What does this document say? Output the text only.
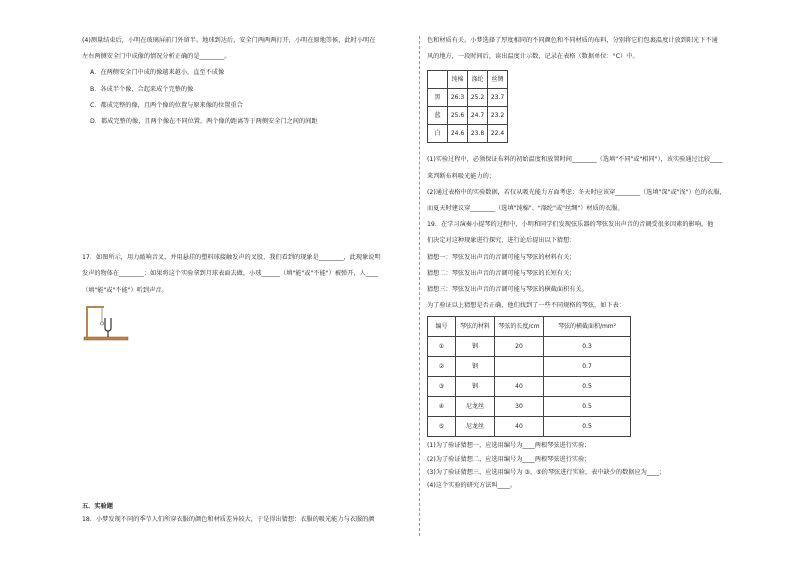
(4)测量结束后，小明在玻璃屏前门外留半。地球到达后，安全门两两两打开，小明在原地等候，此时小明在
左右两侧安全门中成像的情况分析正确的是________。
A．在两侧安全门中成的像越来越小，直至不成像
B．各成半个像，合起来成个完整的像
C．都成完整的像，且两个像的位置与原来像的位置重合
D．都成完整的像，且两个像在不同位置，两个像的距离等于两侧安全门之间的间距
17．如图所示，用力敲响音叉，并用悬挂的塑料球接触发声的叉股，我们看到的现象是________，此现象说明
发声的物体在________；如果将这个实验拿到月球表面去做，小球______（填"能"或"不能"）被弹开，人____
（填"能"或"不能"）听到声音。
五．实验题
18．小梦发现不同的季节人们所穿衣服的颜色和材质差异较大，于是得出猜想：衣服的吸光能力与衣服的颜
色和材质有关。小梦选择了厚度相同的不同颜色和不同材质的布料，分别将它们包裹温度计放到阳光下不通
风的地方，一段时间后，读出温度计示数，记录在表格（数据单位：°C）中。
	纯棉	涤纶	丝绸
黑	26.3	25.2	23.7
蓝	25.6	24.7	23.2
白	24.6	23.8	22.4
(1)实验过程中，必须保证布料的初始温度和放置时间________（选填"不同"或"相同"），该实验通过比较____
来判断布料吸光能力的；
(2)通过表格中的实验数据，若仅从吸光能力方面考虑：冬天时应该穿________（选填"深"或"浅"）色的衣服，
而夏天时建议穿________（选填"纯棉"、"涤纶"或"丝绸"）材质的衣服。
19．在学习演奏小提琴的过程中，小明和同学们发现弦乐器的琴弦发出声音的音调受很多因素的影响。他
们决定对这种现象进行探究，进行论后提出以下猜想：
猜想一：琴弦发出声音的音调可能与琴弦的材料有关；
猜想二：琴弦发出声音的音调可能与琴弦的长短有关；
猜想三：琴弦发出声音的音调可能与琴弦的横截面积有关。
为了验证以上猜想是否正确，他们找到了一些不同规格的琴弦，如下表：
编号	琴弦的材料	琴弦的长度/cm	琴弦的横截面积/mm²
①	钢	20	0.3
②	钢		0.7
③	钢	40	0.5
④	尼龙丝	30	0.5
⑤	尼龙丝	40	0.5
(1)为了验证猜想一，应选用编号为____两根琴弦进行实验；
(2)为了验证猜想二，应选用编号为____两根琴弦进行实验；
(3)为了验证猜想三，应选用编号为 ③、⑤的琴弦进行实验，表中缺少的数据应为____；
(4)这个实验的研究方法叫____。
